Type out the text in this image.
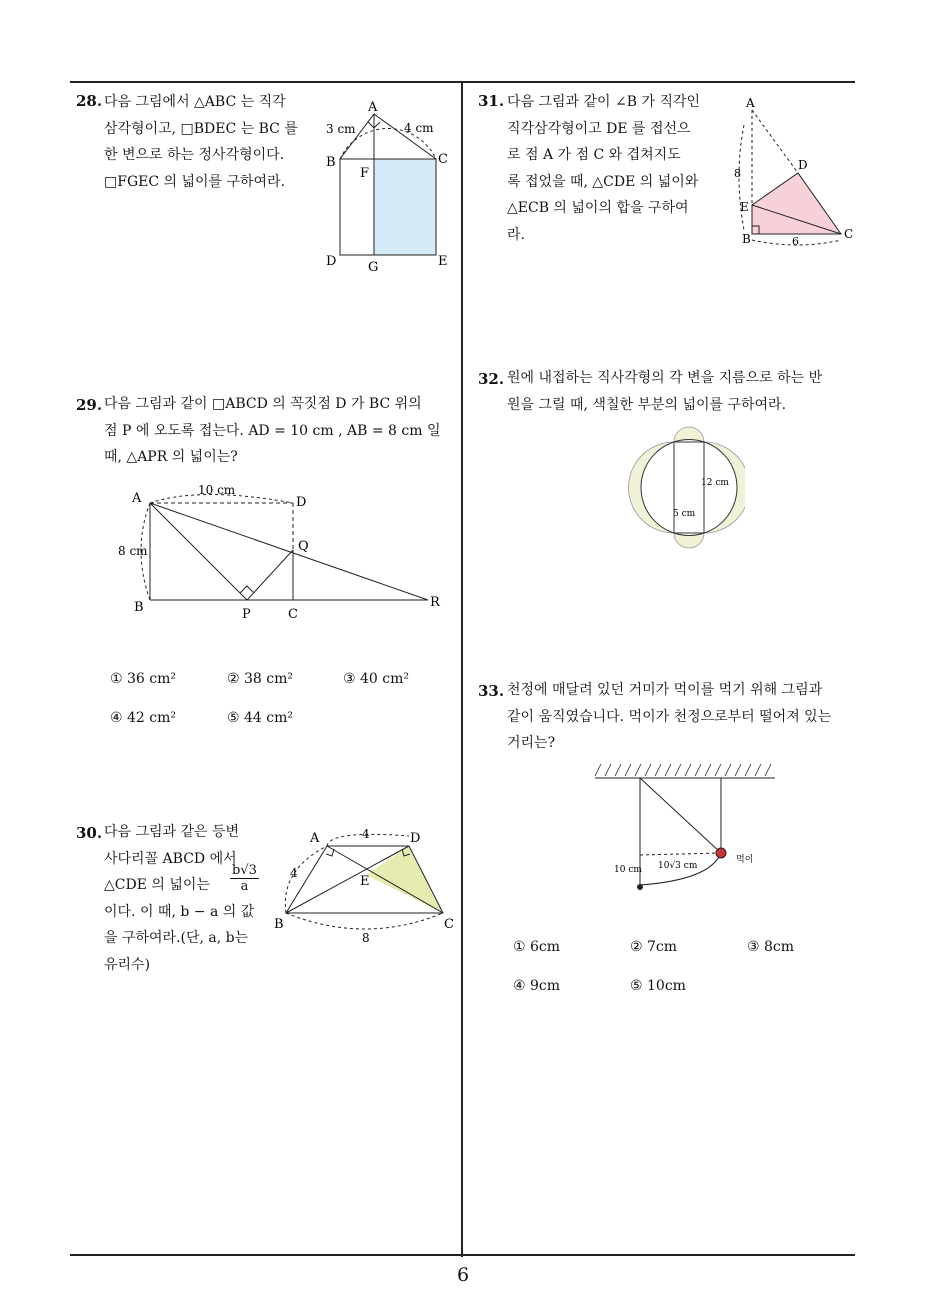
6
28. 다음 그림에서 △ABC 는 직각
삼각형이고, □BDEC 는 BC 를
한 변으로 하는 정사각형이다.
□FGEC 의 넓이를 구하여라.
A
B	C
D	E
F
G
3 cm	4 cm
29. 다음 그림과 같이 □ABCD 의 꼭짓점 D 가 BC 위의
점 P 에 오도록 접는다. AD = 10 cm , AB = 8 cm 일
때, △APR 의 넓이는?
A	D
B	P	C
Q
R
10 cm
8 cm
① 36 cm²	② 38 cm²	③ 40 cm²
④ 42 cm²	⑤ 44 cm²
30. 다음 그림과 같은 등변
사다리꼴 ABCD 에서
△CDE 의 넓이는 $\frac{b√3}{a}$
이다. 이 때, b − a 의 값
을 구하여라.(단, a, b는
유리수)
A	D
B	C
E
4
4
8
31. 다음 그림과 같이 ∠B 가 직각인
직각삼각형이고 DE 를 접선으
로 점 A 가 점 C 와 겹쳐지도
록 접었을 때, △CDE 의 넓이와
△ECB 의 넓이의 합을 구하여
라.
A
D
E
B	C
8
6
32. 원에 내접하는 직사각형의 각 변을 지름으로 하는 반
원을 그릴 때, 색칠한 부분의 넓이를 구하여라.
12 cm
5 cm
33. 천정에 매달려 있던 거미가 먹이를 먹기 위해 그림과
같이 움직였습니다. 먹이가 천정으로부터 떨어져 있는
거리는?
10 cm 10√3 cm
먹이
① 6cm	② 7cm	③ 8cm
④ 9cm	⑤ 10cm
